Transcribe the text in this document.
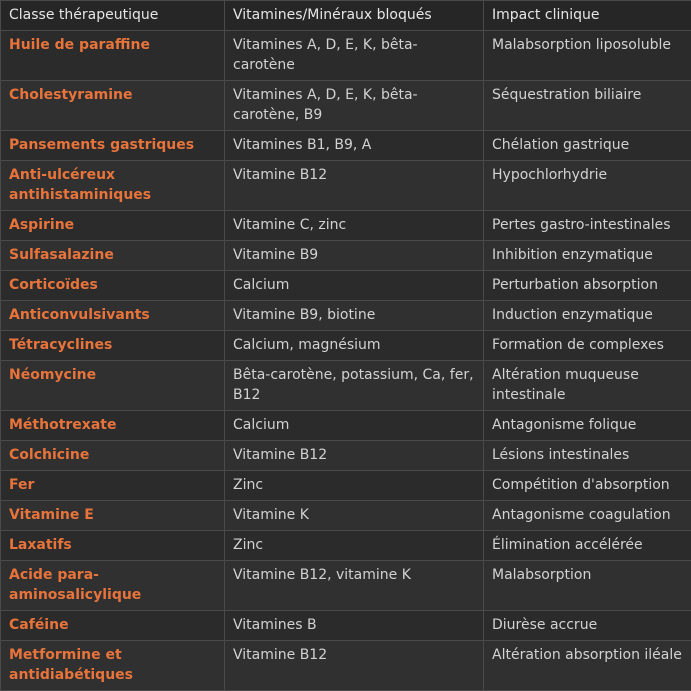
Classe thérapeutique	Vitamines/Minéraux bloqués	Impact clinique
Huile de paraffine	Vitamines A, D, E, K, bêta-carotène	Malabsorption liposoluble
Cholestyramine	Vitamines A, D, E, K, bêta-carotène, B9	Séquestration biliaire
Pansements gastriques	Vitamines B1, B9, A	Chélation gastrique
Anti-ulcéreux antihistaminiques	Vitamine B12	Hypochlorhydrie
Aspirine	Vitamine C, zinc	Pertes gastro-intestinales
Sulfasalazine	Vitamine B9	Inhibition enzymatique
Corticoïdes	Calcium	Perturbation absorption
Anticonvulsivants	Vitamine B9, biotine	Induction enzymatique
Tétracyclines	Calcium, magnésium	Formation de complexes
Néomycine	Bêta-carotène, potassium, Ca, fer, B12	Altération muqueuse intestinale
Méthotrexate	Calcium	Antagonisme folique
Colchicine	Vitamine B12	Lésions intestinales
Fer	Zinc	Compétition d'absorption
Vitamine E	Vitamine K	Antagonisme coagulation
Laxatifs	Zinc	Élimination accélérée
Acide para-aminosalicylique	Vitamine B12, vitamine K	Malabsorption
Caféine	Vitamines B	Diurèse accrue
Metformine et antidiabétiques	Vitamine B12	Altération absorption iléale
